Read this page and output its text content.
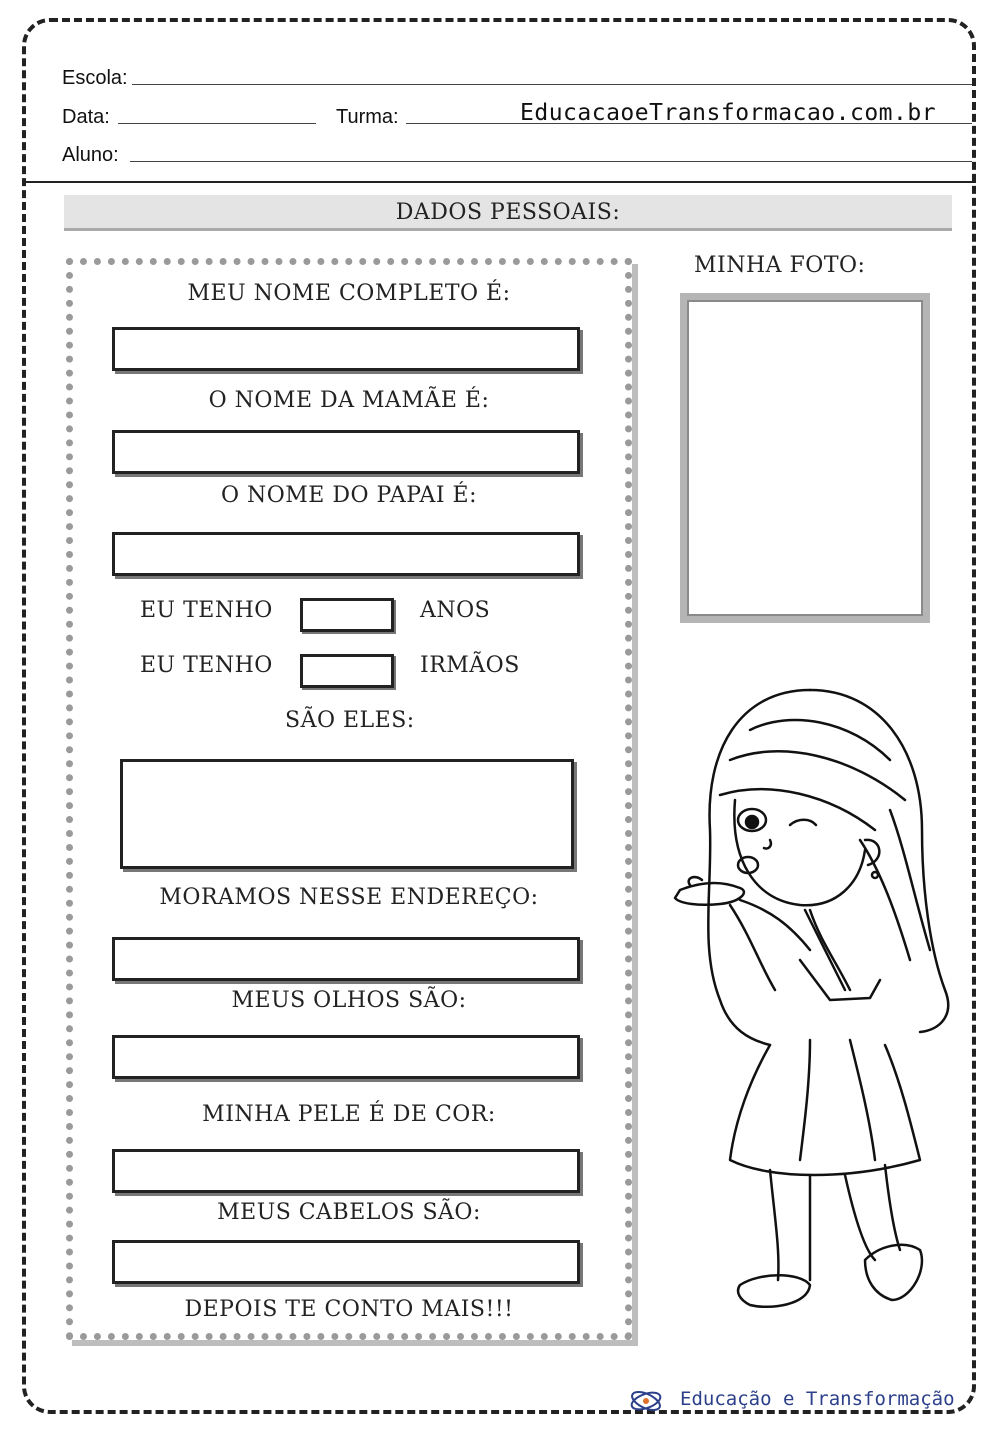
Escola:
Data:	Turma:	EducacaoeTransformacao.com.br
Aluno:
DADOS PESSOAIS:
MEU NOME COMPLETO É:
O NOME DA MAMÃE É:
O NOME DO PAPAI É:
EU TENHO	ANOS
EU TENHO	IRMÃOS
SÃO ELES:
MORAMOS NESSE ENDEREÇO:
MEUS OLHOS SÃO:
MINHA PELE É DE COR:
MEUS CABELOS SÃO:
DEPOIS TE CONTO MAIS!!!
MINHA FOTO:
Educação e Transformação
